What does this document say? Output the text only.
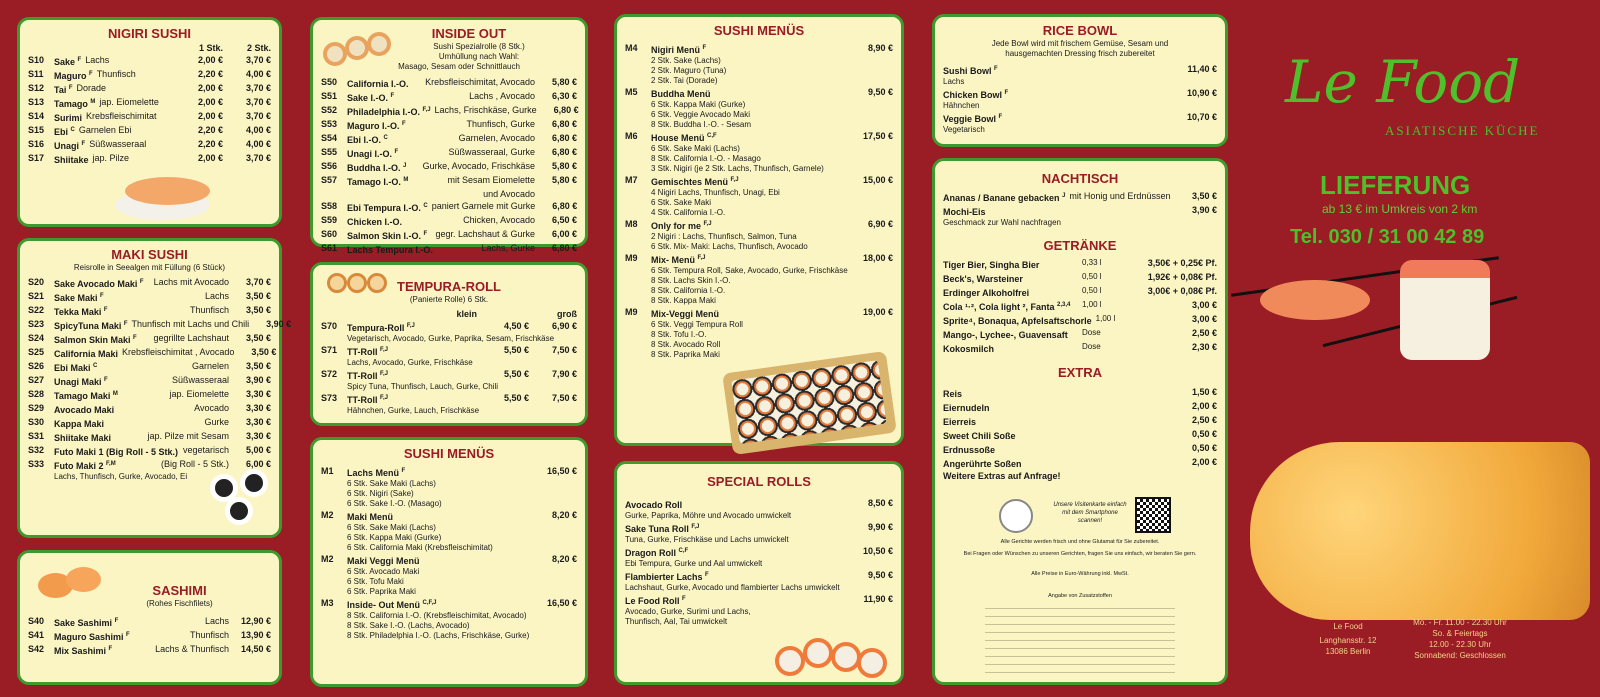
NIGIRI SUSHI
1 Stk.	2 Stk.
S10	Sake $^F$ Lachs	2,00 €	3,70 €
S11	Maguro $^F$ Thunfisch	2,20 €	4,00 €
S12	Tai $^F$ Dorade	2,00 €	3,70 €
S13	Tamago $^M$ jap. Eiomelette	2,00 €	3,70 €
S14	Surimi Krebsfleischimitat	2,00 €	3,70 €
S15	Ebi $^C$ Garnelen Ebi	2,20 €	4,00 €
S16	Unagi $^F$ Süßwasseraal	2,20 €	4,00 €
S17	Shiitake jap. Pilze	2,00 €	3,70 €
MAKI SUSHI
Reisrolle in Seealgen mit Füllung (6 Stück)
S20	Sake Avocado Maki $^F$	Lachs mit Avocado	3,70 €
S21	Sake Maki $^F$	Lachs	3,50 €
S22	Tekka Maki $^F$	Thunfisch	3,50 €
S23	SpicyTuna Maki $^F$ Thunfisch mit Lachs und Chili	3,90 €
S24	Salmon Skin Maki $^F$	gegrillte Lachshaut	3,50 €
S25	California Maki Krebsfleischimitat , Avocado	3,50 €
S26	Ebi Maki $^C$	Garnelen	3,50 €
S27	Unagi Maki $^F$	Süßwasseraal	3,90 €
S28	Tamago Maki $^M$	jap. Eiomelette	3,30 €
S29	Avocado Maki	Avocado	3,30 €
S30	Kappa Maki	Gurke	3,30 €
S31	Shiitake Maki	jap. Pilze mit Sesam	3,30 €
S32	Futo Maki 1 (Big Roll - 5 Stk.) vegetarisch	5,00 €
S33	Futo Maki 2 $^{F,M}$	(Big Roll - 5 Stk.)	6,00 €
Lachs, Thunfisch, Gurke, Avocado, Ei
SASHIMI
(Rohes Fischfilets)
S40	Sake Sashimi $^F$	Lachs	12,90 €
S41	Maguro Sashimi $^F$	Thunfisch	13,90 €
S42	Mix Sashimi $^F$	Lachs & Thunfisch	14,50 €
INSIDE OUT
Sushi Spezialrolle (8 Stk.)
Umhüllung nach Wahl:
Masago, Sesam oder Schnittlauch
S50	California I.-O.	Krebsfleischimitat, Avocado	5,80 €
S51	Sake I.-O. $^F$	Lachs , Avocado	6,30 €
S52	Philadelphia I.-O. $^{F,J}$ Lachs, Frischkäse, Gurke	6,80 €
S53	Maguro I.-O. $^F$	Thunfisch, Gurke	6,80 €
S54	Ebi I.-O. $^C$	Garnelen, Avocado	6,80 €
S55	Unagi I.-O. $^F$	Süßwasseraal, Gurke	6,80 €
S56	Buddha I.-O. $^J$	Gurke, Avocado, Frischkäse	5,80 €
S57	Tamago I.-O. $^M$	mit Sesam Eiomelette	5,80 €
und Avocado
S58	Ebi Tempura I.-O. $^C$ paniert Garnele mit Gurke	6,80 €
S59	Chicken I.-O.	Chicken, Avocado	6,50 €
S60	Salmon Skin I.-O. $^F$ gegr. Lachshaut & Gurke	6,00 €
S61	Lachs Tempura I.-O.	Lachs, Gurke	6,80 €
TEMPURA-ROLL
(Panierte Rolle) 6 Stk.
klein	groß
S70	Tempura-Roll $^{F,J}$	4,50 €	6,90 €
Vegetarisch, Avocado, Gurke, Paprika, Sesam, Frischkäse
S71	TT-Roll $^{F,J}$	5,50 €	7,50 €
Lachs, Avocado, Gurke, Frischkäse
S72	TT-Roll $^{F,J}$	5,50 €	7,90 €
Spicy Tuna, Thunfisch, Lauch, Gurke, Chili
S73	TT-Roll $^{F,J}$	5,50 €	7,50 €
Hähnchen, Gurke, Lauch, Frischkäse
SUSHI MENÜS
M1	Lachs Menü $^F$	16,50 €
6 Stk. Sake Maki (Lachs)
6 Stk. Nigiri (Sake)
6 Stk. Sake I.-O. (Masago)
M2	Maki Menü	8,20 €
6 Stk. Sake Maki (Lachs)
6 Stk. Kappa Maki (Gurke)
6 Stk. California Maki (Krebsfleischimitat)
M2	Maki Veggi Menü	8,20 €
6 Stk. Avocado Maki
6 Stk. Tofu Maki
6 Stk. Paprika Maki
M3	Inside- Out Menü $^{C,F,J}$	16,50 €
8 Stk. California I.-O. (Krebsfleischimitat, Avocado)
8 Stk. Sake I.-O. (Lachs, Avocado)
8 Stk. Philadelphia I.-O. (Lachs, Frischkäse, Gurke)
SUSHI MENÜS
M4	Nigiri Menü $^F$	8,90 €
2 Stk. Sake (Lachs)
2 Stk. Maguro (Tuna)
2 Stk. Tai (Dorade)
M5	Buddha Menü	9,50 €
6 Stk. Kappa Maki (Gurke)
6 Stk. Veggie Avocado Maki
8 Stk. Buddha I.-O. - Sesam
M6	House Menü $^{C,F}$	17,50 €
6 Stk. Sake Maki (Lachs)
8 Stk. California I.-O. - Masago
3 Stk. Nigiri (je 2 Stk. Lachs, Thunfisch, Garnele)
M7	Gemischtes Menü $^{F,J}$	15,00 €
4 Nigiri Lachs, Thunfisch, Unagi, Ebi
6 Stk. Sake Maki
4 Stk. California I.-O.
M8	Only for me $^{F,J}$	6,90 €
2 Nigiri : Lachs, Thunfisch, Salmon, Tuna
6 Stk. Mix- Maki: Lachs, Thunfisch, Avocado
M9	Mix- Menü $^{F,J}$	18,00 €
6 Stk. Tempura Roll, Sake, Avocado, Gurke, Frischkäse
8 Stk. Lachs Skin I.-O.
8 Stk. California I.-O.
8 Stk. Kappa Maki
M9	Mix-Veggi Menü	19,00 €
6 Stk. Veggi Tempura Roll
8 Stk. Tofu I.-O.
8 Stk. Avocado Roll
8 Stk. Paprika Maki
SPECIAL ROLLS
Avocado Roll	8,50 €
Gurke, Paprika, Möhre und Avocado umwickelt
Sake Tuna Roll $^{F,J}$	9,90 €
Tuna, Gurke, Frischkäse und Lachs umwickelt
Dragon Roll $^{C,F}$	10,50 €
Ebi Tempura, Gurke und Aal umwickelt
Flambierter Lachs $^F$	9,50 €
Lachshaut, Gurke, Avocado und flambierter Lachs umwickelt
Le Food Roll $^F$	11,90 €
Avocado, Gurke, Surimi und Lachs,
Thunfisch, Aal, Tai umwickelt
RICE BOWL
Jede Bowl wird mit frischem Gemüse, Sesam und
hausgemachten Dressing frisch zubereitet
Sushi Bowl $^F$	11,40 €
Lachs
Chicken Bowl $^F$	10,90 €
Hähnchen
Veggie Bowl $^F$	10,70 €
Vegetarisch
NACHTISCH
Ananas / Banane gebacken $^J$ mit Honig und Erdnüssen	3,50 €
Mochi-Eis	3,90 €
Geschmack zur Wahl nachfragen
GETRÄNKE
Tiger Bier, Singha Bier	0,33 l	3,50€ + 0,25€ Pf.
Beck's, Warsteiner	0,50 l	1,92€ + 0,08€ Pf.
Erdinger Alkoholfrei	0,50 l	3,00€ + 0,08€ Pf.
Cola ¹·², Cola light ², Fanta $^{2,3,4}$ 1,00 l	3,00 €
Sprite⁴, Bonaqua, Apfelsaftschorle 1,00 l	3,00 €
Mango-, Lychee-, Guavensaft Dose	2,50 €
Kokosmilch	Dose	2,30 €
EXTRA
Reis	1,50 €
Eiernudeln	2,00 €
Eierreis	2,50 €
Sweet Chili Soße	0,50 €
Erdnussoße	0,50 €
Angerührte Soßen	2,00 €
Weitere Extras auf Anfrage!
Unsere Visitenkarte einfach mit dem Smartphone scannen!
Alle Gerichte werden frisch und ohne Glutamat für Sie zubereitet.
Bei Fragen oder Wünschen zu unseren Gerichten, fragen Sie uns einfach, wir beraten Sie gern.
Alle Preise in Euro-Währung inkl. MwSt.
Angabe von Zusatzstoffen
Le Food
ASIATISCHE KÜCHE
LIEFERUNG
ab 13 € im Umkreis von 2 km
Tel. 030 / 31 00 42 89
Le Food
Langhansstr. 12
13086 Berlin
Mo. - Fr. 11.00 - 22.30 Uhr
So. & Feiertags
12.00 - 22.30 Uhr
Sonnabend: Geschlossen
